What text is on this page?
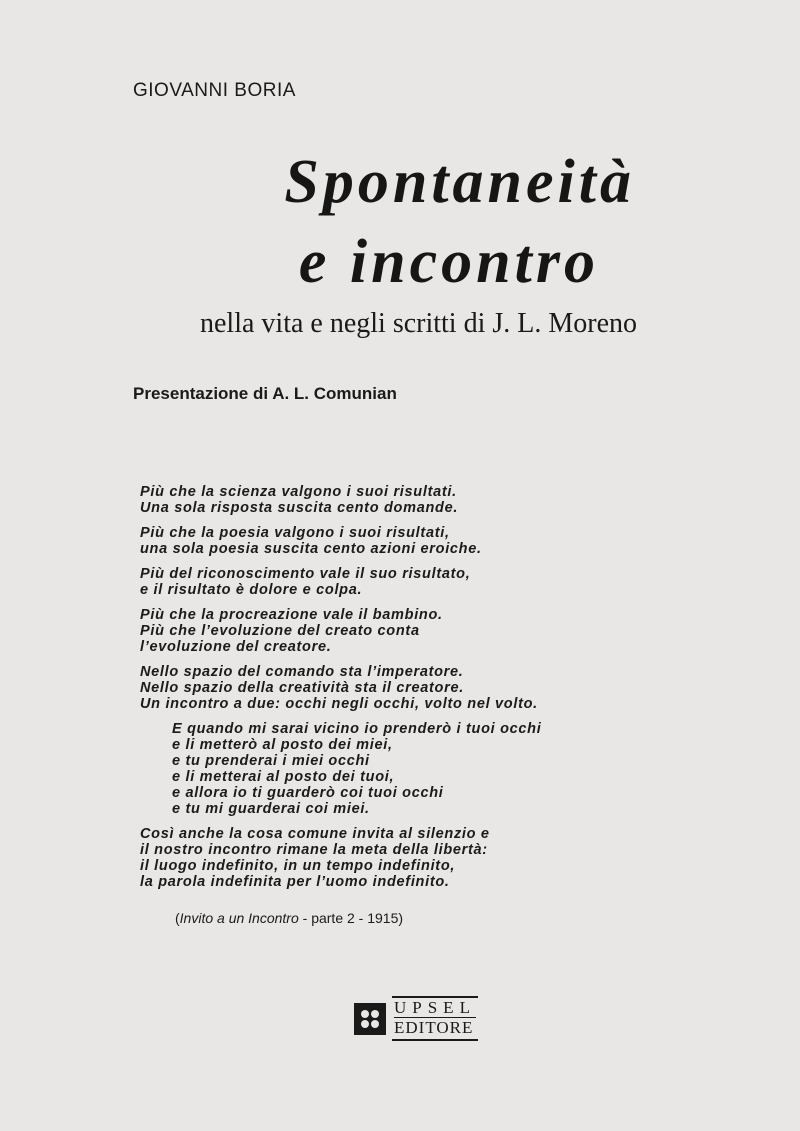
GIOVANNI BORIA
Spontaneità
e incontro
nella vita e negli scritti di J. L. Moreno
Presentazione di A. L. Comunian
Più che la scienza valgono i suoi risultati.
Una sola risposta suscita cento domande.
Più che la poesia valgono i suoi risultati,
una sola poesia suscita cento azioni eroiche.
Più del riconoscimento vale il suo risultato,
e il risultato è dolore e colpa.
Più che la procreazione vale il bambino.
Più che l’evoluzione del creato conta
l’evoluzione del creatore.
Nello spazio del comando sta l’imperatore.
Nello spazio della creatività sta il creatore.
Un incontro a due: occhi negli occhi, volto nel volto.
E quando mi sarai vicino io prenderò i tuoi occhi
e li metterò al posto dei miei,
e tu prenderai i miei occhi
e li metterai al posto dei tuoi,
e allora io ti guarderò coi tuoi occhi
e tu mi guarderai coi miei.
Così anche la cosa comune invita al silenzio e
il nostro incontro rimane la meta della libertà:
il luogo indefinito, in un tempo indefinito,
la parola indefinita per l’uomo indefinito.
(Invito a un Incontro - parte 2 - 1915)
UPSEL
EDITORE
